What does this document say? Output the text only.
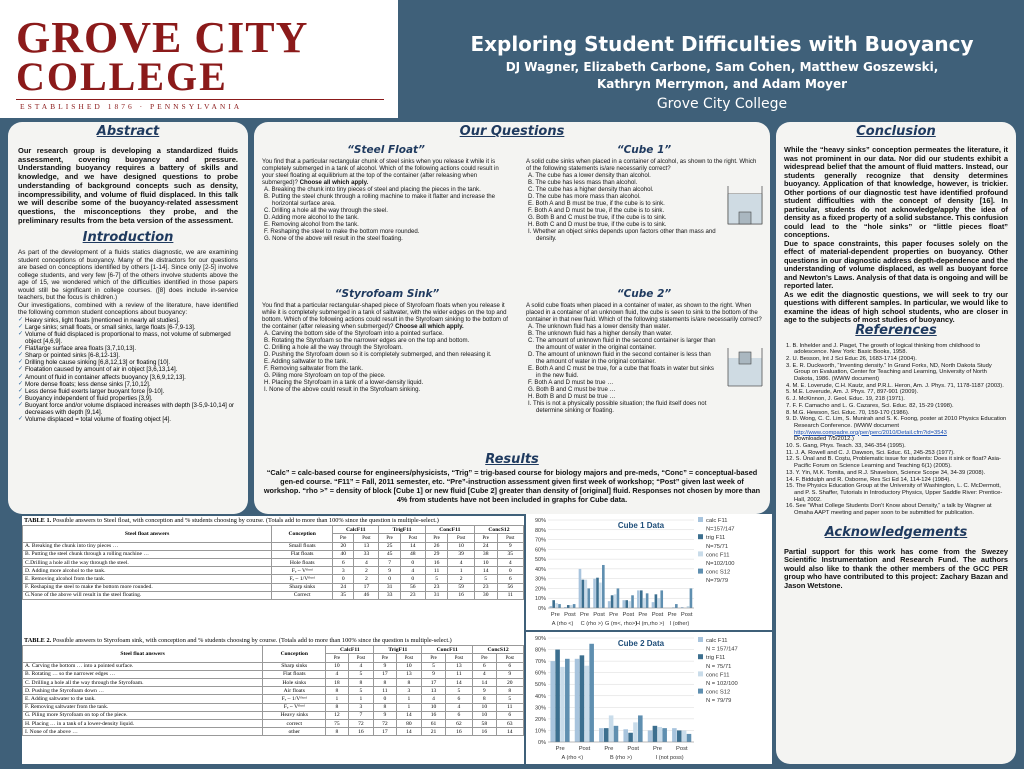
GROVE CITY
COLLEGE
ESTABLISHED 1876 · PENNSYLVANIA
Exploring Student Difficulties with Buoyancy
DJ Wagner, Elizabeth Carbone, Sam Cohen, Matthew Goszewski,
Kathryn Merrymon, and Adam Moyer
Grove City College
Abstract
Our research group is developing a standardized fluids assessment, covering buoyancy and pressure. Understanding buoyancy requires a battery of skills and knowledge, and we have designed questions to probe understanding of background concepts such as density, incompressibility, and volume of fluid displaced. In this talk we will describe some of the buoyancy-related assessment questions, the misconceptions they probe, and the preliminary results from the beta version of the assessment.
Introduction
As part of the development of a fluids statics diagnostic, we are examining student conceptions of buoyancy. Many of the distractors for our questions are based on conceptions identified by others [1-14]. Since only [2-5] involve college students, and very few [6-7] of the others involve students above the age of 15, we wondered which of the difficulties identified in those papers would still be significant in college courses. ([8] does include in-service teachers, but the focus is children.)
Our investigations, combined with a review of the literature, have identified the following common student conceptions about buoyancy:
✓ Heavy sinks, light floats [mentioned in nearly all studies].
✓ Large sinks; small floats, or small sinks, large floats [6-7,9-13].
✓ Volume of fluid displaced is proportional to mass, not volume of submerged object [4,6,9].
✓ Flat/large surface area floats [3,7,10,13].
✓ Sharp or pointed sinks [6-8,12-13].
✓ Drilling hole cause sinking [6,8,12,13] or floating [10].
✓ Floatation caused by amount of air in object [3,6,13,14].
✓ Amount of fluid in container affects buoyancy [3,6,9,12,13].
✓ More dense floats; less dense sinks [7,10,12].
✓ Less dense fluid exerts larger buoyant force [9-10].
✓ Buoyancy independent of fluid properties [3,9].
✓ Buoyant force and/or volume displaced increases with depth [3-5,9-10,14] or decreases with depth [9,14].
✓ Volume displaced = total volume of floating object [4].
Our Questions
“Steel Float”
You find that a particular rectangular chunk of steel sinks when you release it while it is completely submerged in a tank of alcohol. Which of the following actions could result in your steel floating at equilibrium at the top of the container (after releasing when submerged)? Choose all which apply.
A. Breaking the chunk into tiny pieces of steel and placing the pieces in the tank.
B. Putting the steel chunk through a rolling machine to make it flatter and increase the horizontal surface area.
C. Drilling a hole all the way through the steel.
D. Adding more alcohol to the tank.
E. Removing alcohol from the tank.
F. Reshaping the steel to make the bottom more rounded.
G. None of the above will result in the steel floating.
“Cube 1”
A solid cube sinks when placed in a container of alcohol, as shown to the right. Which of the following statements is/are necessarily correct?
A. The cube has a lower density than alcohol.
B. The cube has less mass than alcohol.
C. The cube has a higher density than alcohol.
D. The cube has more mass than alcohol.
E. Both A and B must be true, if the cube is to sink.
F. Both A and D must be true, if the cube is to sink.
G. Both B and C must be true, if the cube is to sink.
H. Both C and D must be true, if the cube is to sink.
I. Whether an object sinks depends upon factors other than mass and density.
“Styrofoam Sink”
You find that a particular rectangular-shaped piece of Styrofoam floats when you release it while it is completely submerged in a tank of saltwater, with the wider edges on the top and bottom. Which of the following actions could result in the Styrofoam sinking to the bottom of the container (after releasing when submerged)? Choose all which apply.
A. Carving the bottom side of the Styrofoam into a pointed surface.
B. Rotating the Styrofoam so the narrower edges are on the top and bottom.
C. Drilling a hole all the way through the Styrofoam.
D. Pushing the Styrofoam down so it is completely submerged, and then releasing it.
E. Adding saltwater to the tank.
F. Removing saltwater from the tank.
G. Piling more Styrofoam on top of the piece.
H. Placing the Styrofoam in a tank of a lower-density liquid.
I. None of the above could result in the Styrofoam sinking.
“Cube 2”
A solid cube floats when placed in a container of water, as shown to the right. When placed in a container of an unknown fluid, the cube is seen to sink to the bottom of the container in that new fluid. Which of the following statements is/are necessarily correct?
A. The unknown fluid has a lower density than water.
B. The unknown fluid has a higher density than water.
C. The amount of unknown fluid in the second container is larger than the amount of water in the original container.
D. The amount of unknown fluid in the second container is less than the amount of water in the original container.
E. Both A and C must be true, for a cube that floats in water but sinks in the new fluid.
F. Both A and D must be true …
G. Both B and C must be true …
H. Both B and D must be true …
I. This is not a physically possible situation; the fluid itself does not determine sinking or floating.
Results
“Calc” = calc-based course for engineers/physicists, “Trig” = trig-based course for biology majors and pre-meds, “Conc” = conceptual-based gen-ed course. “F11” = Fall, 2011 semester, etc. “Pre”-instruction assessment given first week of workshop; “Post” given last week of workshop. “rho >” = density of block [Cube 1] or new fluid [Cube 2] greater than density of [original] fluid. Responses not chosen by more than 4% from students have not been included in graphs for Cube data.
TABLE 1. Possible answers to Steel float, with conception and % students choosing by course. (Totals add to more than 100% since the question is multiple-select.)
Steel float answers	Conception	CalcF11		TrigF11		ConcF11		ConcS12	
		Pre	Post	Pre	Post	Pre	Post	Pre	Post
A. Breaking the chunk into tiny pieces …	Small floats	20	13	25	14	26	10	24	9
B. Putting the steel chunk through a rolling machine …	Flat floats	40	33	45	48	29	39	38	35
C.Drilling a hole all the way through the steel.	Hole floats	6	4	7	0	16	4	10	4
D. Adding more alcohol to the tank.	Fₑ ~ Vᶠˡᵘᶦᵈ	3	2	9	4	11	1	14	0
E. Removing alcohol from the tank.	Fₑ ~ 1/Vᶠˡᵘᶦᵈ	0	2	0	0	5	2	5	6
F. Reshaping the steel to make the bottom more rounded.	Sharp sinks	24	17	31	56	23	59	23	56
G.None of the above will result in the steel floating.	Correct	35	46	33	23	31	16	30	11
TABLE 2. Possible answers to Styrofoam sink, with conception and % students choosing by course. (Totals add to more than 100% since the question is multiple-select.)
Steel float answers	Conception	CalcF11		TrigF11		ConcF11		ConcS12	
		Pre	Post	Pre	Post	Pre	Post	Pre	Post
A. Carving the bottom … into a pointed surface.	Sharp sinks	10	4	9	10	5	13	6	6
B. Rotating … so the narrower edges …	Flat floats	4	5	17	13	9	11	4	9
C. Drilling a hole all the way through the Styrofoam.	Hole sinks	18	8	8	8	17	14	14	20
D. Pushing the Styrofoam down …	Air floats	8	5	11	3	13	5	9	8
E. Adding saltwater to the tank.	Fₑ ~ 1/Vᶠˡᵘᶦᵈ	1	1	0	1	4	6	8	5
F. Removing saltwater from the tank.	Fₑ ~ Vᶠˡᵘᶦᵈ	8	3	8	1	10	4	10	11
G. Piling more Styrofoam on top of the piece.	Heavy sinks	12	7	9	14	16	6	10	6
H. Placing … in a tank of a lower-density liquid.	correct	75	72	72	80	61	62	58	63
I. None of the above …	other	8	16	17	14	21	16	16	14
0%
10%
20%
30%
40%
50%
60%
70%
80%
90%
Pre Post Pre Post Pre Post Pre Post Pre Post
A (rho <) C (rho >) G (m<, rho>)
H (m,rho >) I (other)
Cube 1 Data	calc F11
N=157/147
trig F11
N=75/71
conc F11
N=102/100
conc S12
N=79/79
0%
10%
20%
30%
40%
50%
60%
70%
80%
90%
Pre Post Pre Post Pre Post
A (rho <)	B (rho >)	I (not poss)
Cube 2 Data	calc F11
N = 157/147
trig F11
N = 75/71
conc F11
N = 102/100
conc S12
N = 79/79
Conclusion
While the “heavy sinks” conception permeates the literature, it was not prominent in our data. Nor did our students exhibit a widespread belief that the amount of fluid matters. Instead, our students generally recognize that density determines buoyancy. Application of that knowledge, however, is trickier. Other portions of our diagnostic test have identified profound student difficulties with the concept of density [16]. In particular, students do not acknowledge/apply the idea of density as a fixed property of a solid substance. This confusion could lead to the “hole sinks” or “little pieces float” conceptions.
Due to space constraints, this paper focuses solely on the effect of material-dependent properties on buoyancy. Other questions in our diagnostic address depth-dependence and the understanding of volume displaced, as well as buoyant force and Newton’s Laws. Analysis of that data is ongoing and will be reported later.
As we edit the diagnostic questions, we will seek to try our questions with different samples. In particular, we would like to examine the ideas of high school students, who are closer in age to the subjects of most studies of buoyancy.
References
1. B. Inhelder and J. Piaget, The growth of logical thinking from childhood to adolescence. New York: Basic Books, 1958.
2. U. Besson, Int J Sci Educ 26, 1683-1714 (2004).
3. E. R. Duckworth, “Inventing density.” In Grand Forks, ND, North Dakota Study Group on Evaluation, Center for Teaching and Learning, University of North Dakota, 1986. (WWW document)
4. M. E. Loverude, C.H. Kautz, and P.R.L. Heron, Am. J. Phys. 71, 1178-1187 (2003).
5. M.E. Loverude, Am. J. Phys. 77, 897-901 (2009).
6. J. McKinnon, J. Geol. Educ. 19, 218 (1971).
7. F. F. Camacho and L. G. Cazares, Sci. Educ. 82, 15-29 (1998).
8. M.G. Hewson, Sci. Educ. 70, 159-170 (1986).
9. D. Wong, C. C. Lim, S. Munirah and S. K. Foong, poster at 2010 Physics Education Research Conference. (WWW document
http://www.compadre.org/per/perc/2010/Detail.cfm?id=3543
Downloaded 7/5/2012.)
10. S. Gang, Phys. Teach. 33, 346-354 (1995).
11. J. A. Rowell and C. J. Dawson, Sci. Educ. 61, 245-253 (1977).
12. S. Ünal and B. Coştu, Problematic issue for students: Does it sink or float? Asia-Pacific Forum on Science Learning and Teaching 6(1) (2005).
13. Y. Yin, M.K. Tomita, and R.J. Shavelson, Science Scope 34, 34-39 (2008).
14. F. Biddulph and R. Osborne, Res Sci Ed 14, 114-124 (1984).
15. The Physics Education Group at the University of Washington, L. C. McDermott, and P. S. Shaffer, Tutorials in Introductory Physics, Upper Saddle River: Prentice-Hall, 2002.
16. See “What College Students Don’t Know about Density,” a talk by Wagner at Omaha AAPT meeting and paper soon to be submitted for publication.
Acknowledgements
Partial support for this work has come from the Swezey Scientific Instrumentation and Research Fund. The authors would also like to thank the other members of the GCC PER group who have contributed to this project: Zachary Bazan and Jason Wetstone.
